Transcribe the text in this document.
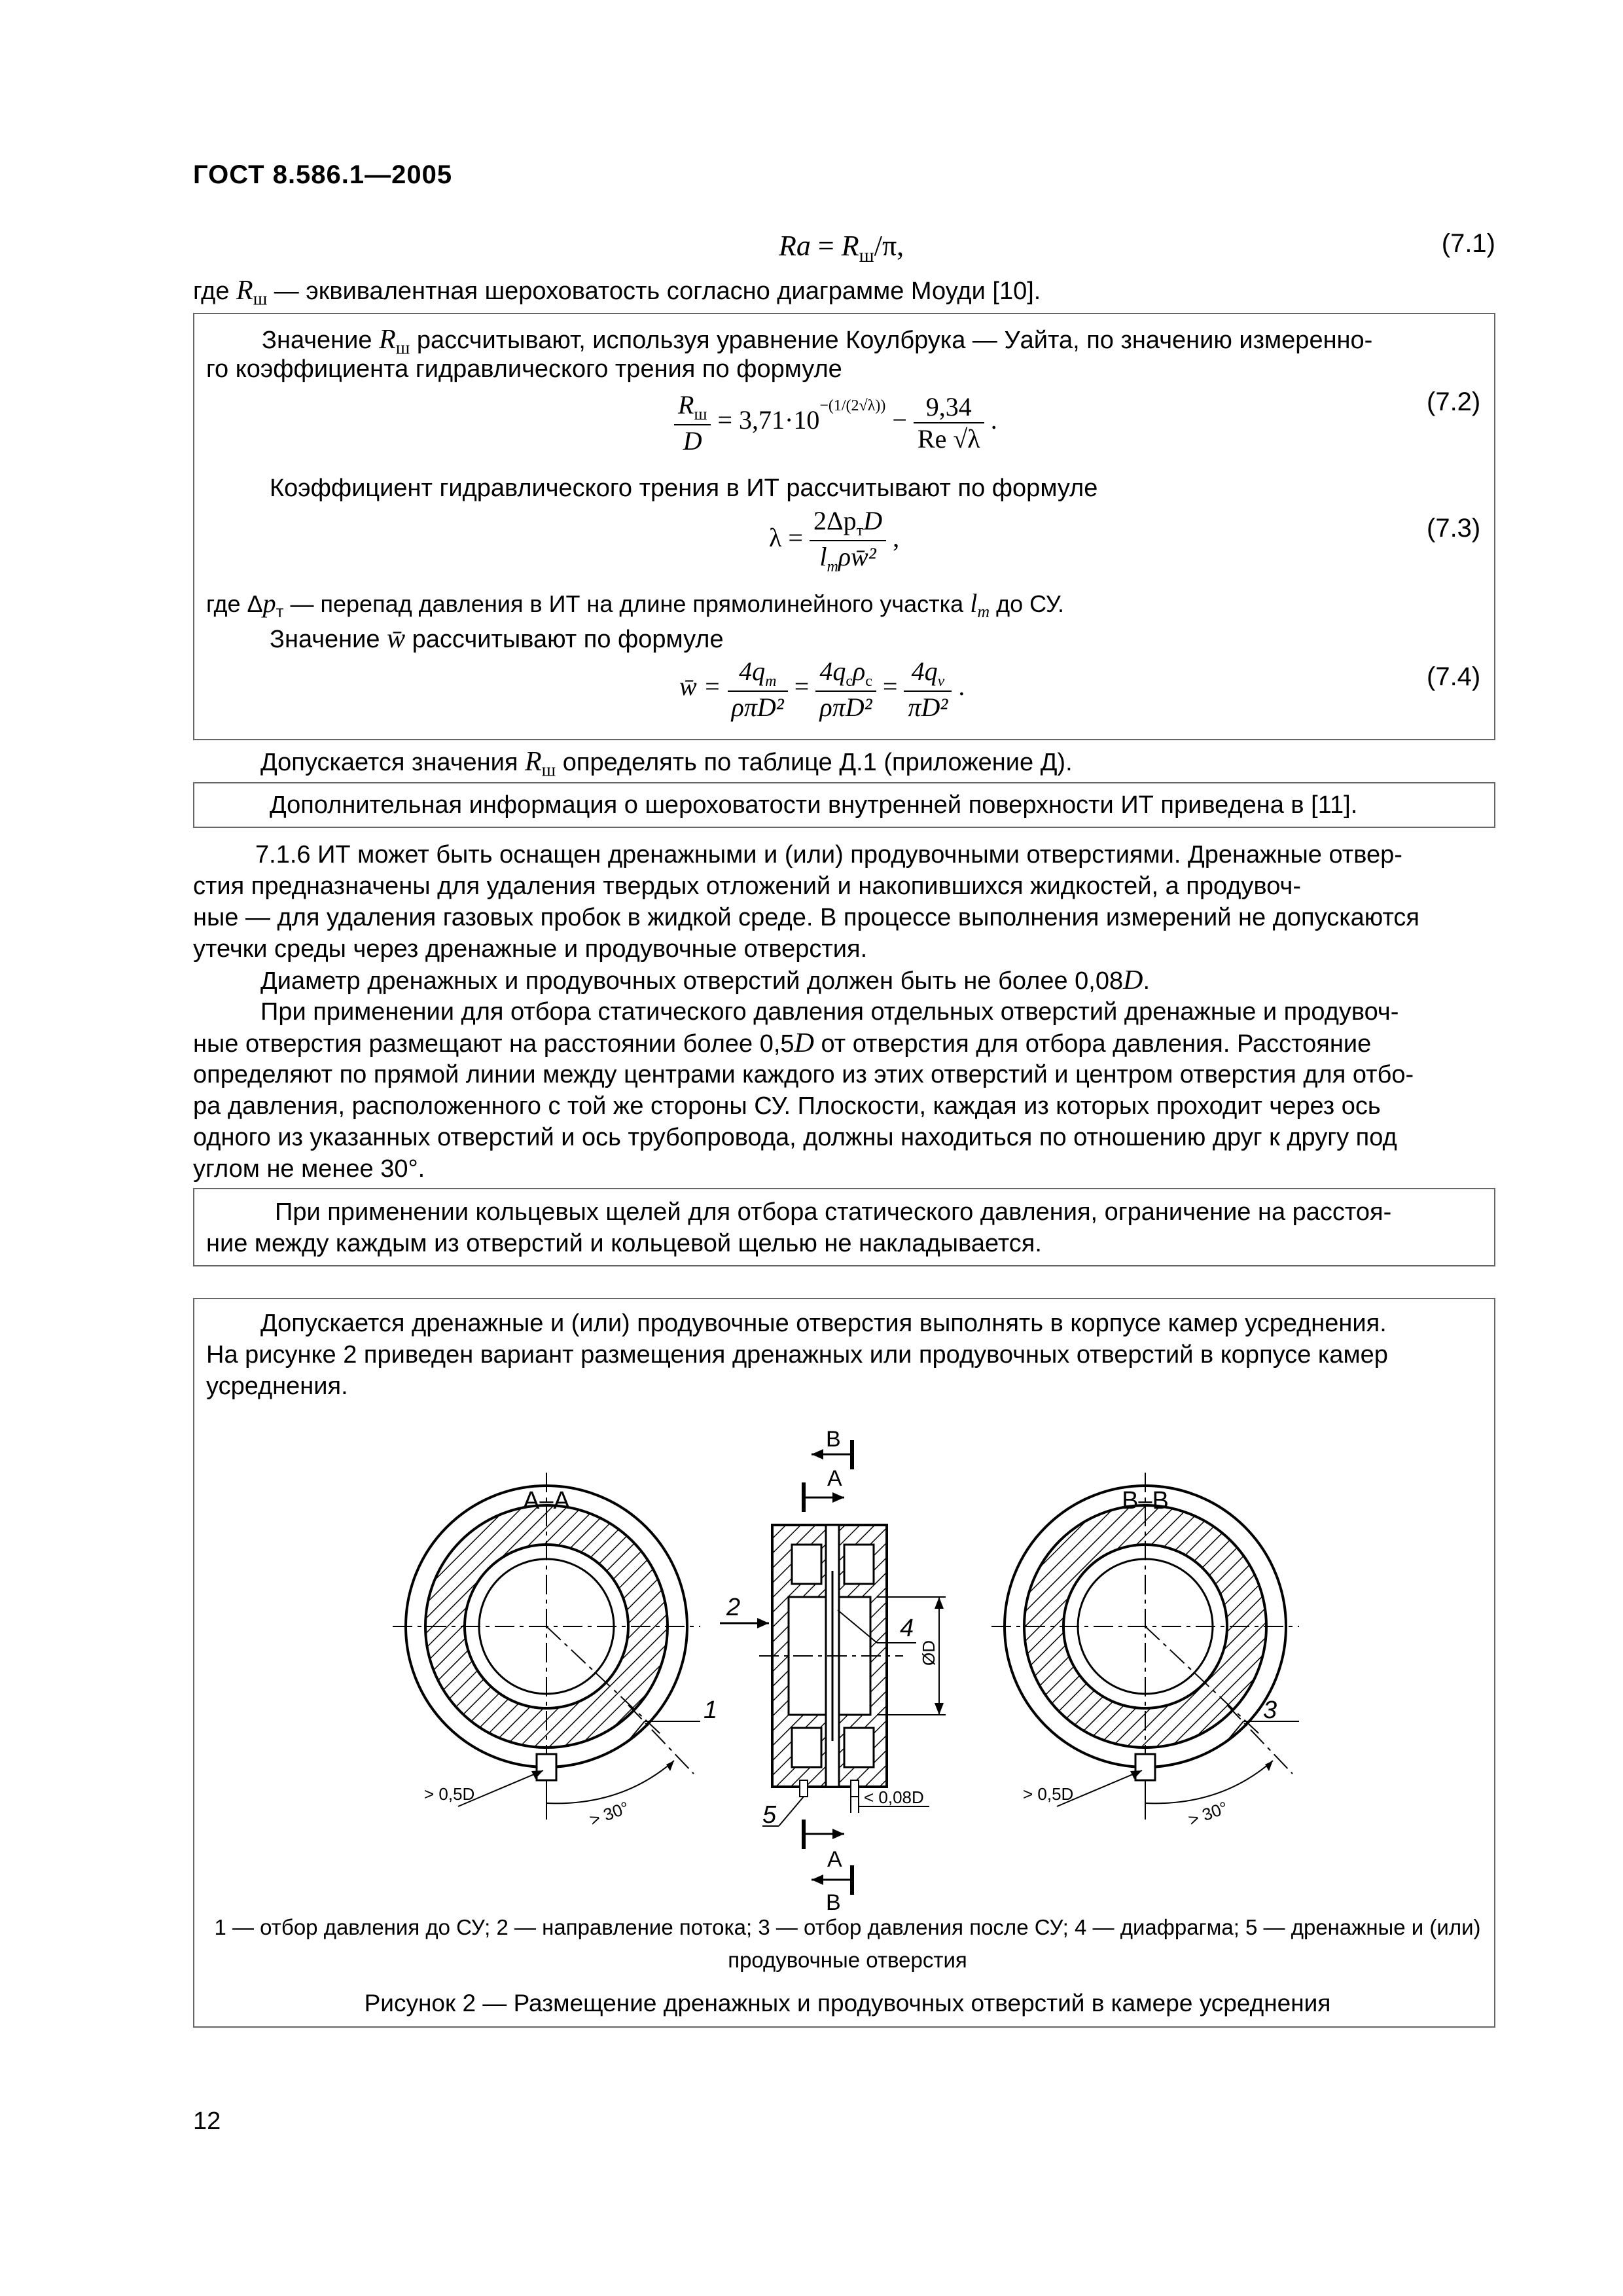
ГОСТ 8.586.1—2005
$Ra = R_ш/\pi$,	(7.1)
где $R_ш$ — эквивалентная шероховатость согласно диаграмме Моуди [10].
Значение $R_ш$ рассчитывают, используя уравнение Коулбрука — Уайта, по значению измеренно-
го коэффициента гидравлического трения по формуле
$\frac{R_ш}{D} = 3,71\cdot 10^{-(1/(2√\lambda))} - \frac{9,34}{Re √\lambda}$ .
(7.2)
Коэффициент гидравлического трения в ИТ рассчитывают по формуле
$\lambda = \frac{2\Delta p_тD}{l_m\rho w̄^2}$ ,	(7.3)
где $\Delta p_т$ — перепад давления в ИТ на длине прямолинейного участка $l_m$ до СУ.
Значение w̄ рассчитывают по формуле
w̄ = $\frac{4q_m}{\text{ρπD²}} = \frac{4q_c\rho_c}{\text{ρπD²}} = \frac{4q_v}{\text{πD²}}$ .	(7.4)
Допускается значения $R_ш$ определять по таблице Д.1 (приложение Д).
Дополнительная информация о шероховатости внутренней поверхности ИТ приведена в [11].
7.1.6 ИТ может быть оснащен дренажными и (или) продувочными отверстиями. Дренажные отвер-
стия предназначены для удаления твердых отложений и накопившихся жидкостей, а продувоч-
ные — для удаления газовых пробок в жидкой среде. В процессе выполнения измерений не допускаются
утечки среды через дренажные и продувочные отверстия.
Диаметр дренажных и продувочных отверстий должен быть не более 0,08D.
При применении для отбора статического давления отдельных отверстий дренажные и продувоч-
ные отверстия размещают на расстоянии более 0,5D от отверстия для отбора давления. Расстояние
определяют по прямой линии между центрами каждого из этих отверстий и центром отверстия для отбо-
ра давления, расположенного с той же стороны СУ. Плоскости, каждая из которых проходит через ось
одного из указанных отверстий и ось трубопровода, должны находиться по отношению друг к другу под
углом не менее 30°.
При применении кольцевых щелей для отбора статического давления, ограничение на расстоя-
ние между каждым из отверстий и кольцевой щелью не накладывается.
Допускается дренажные и (или) продувочные отверстия выполнять в корпусе камер усреднения.
На рисунке 2 приведен вариант размещения дренажных или продувочных отверстий в корпусе камер
усреднения.
А–А	В–В
В
А
А
В
1
2
3
4
5
> 0,5D	> 0,5D
> 30°	> 30°
ØD
< 0,08D
1 — отбор давления до СУ; 2 — направление потока; 3 — отбор давления после СУ; 4 — диафрагма; 5 — дренажные и (или)
продувочные отверстия
Рисунок 2 — Размещение дренажных и продувочных отверстий в камере усреднения
12
